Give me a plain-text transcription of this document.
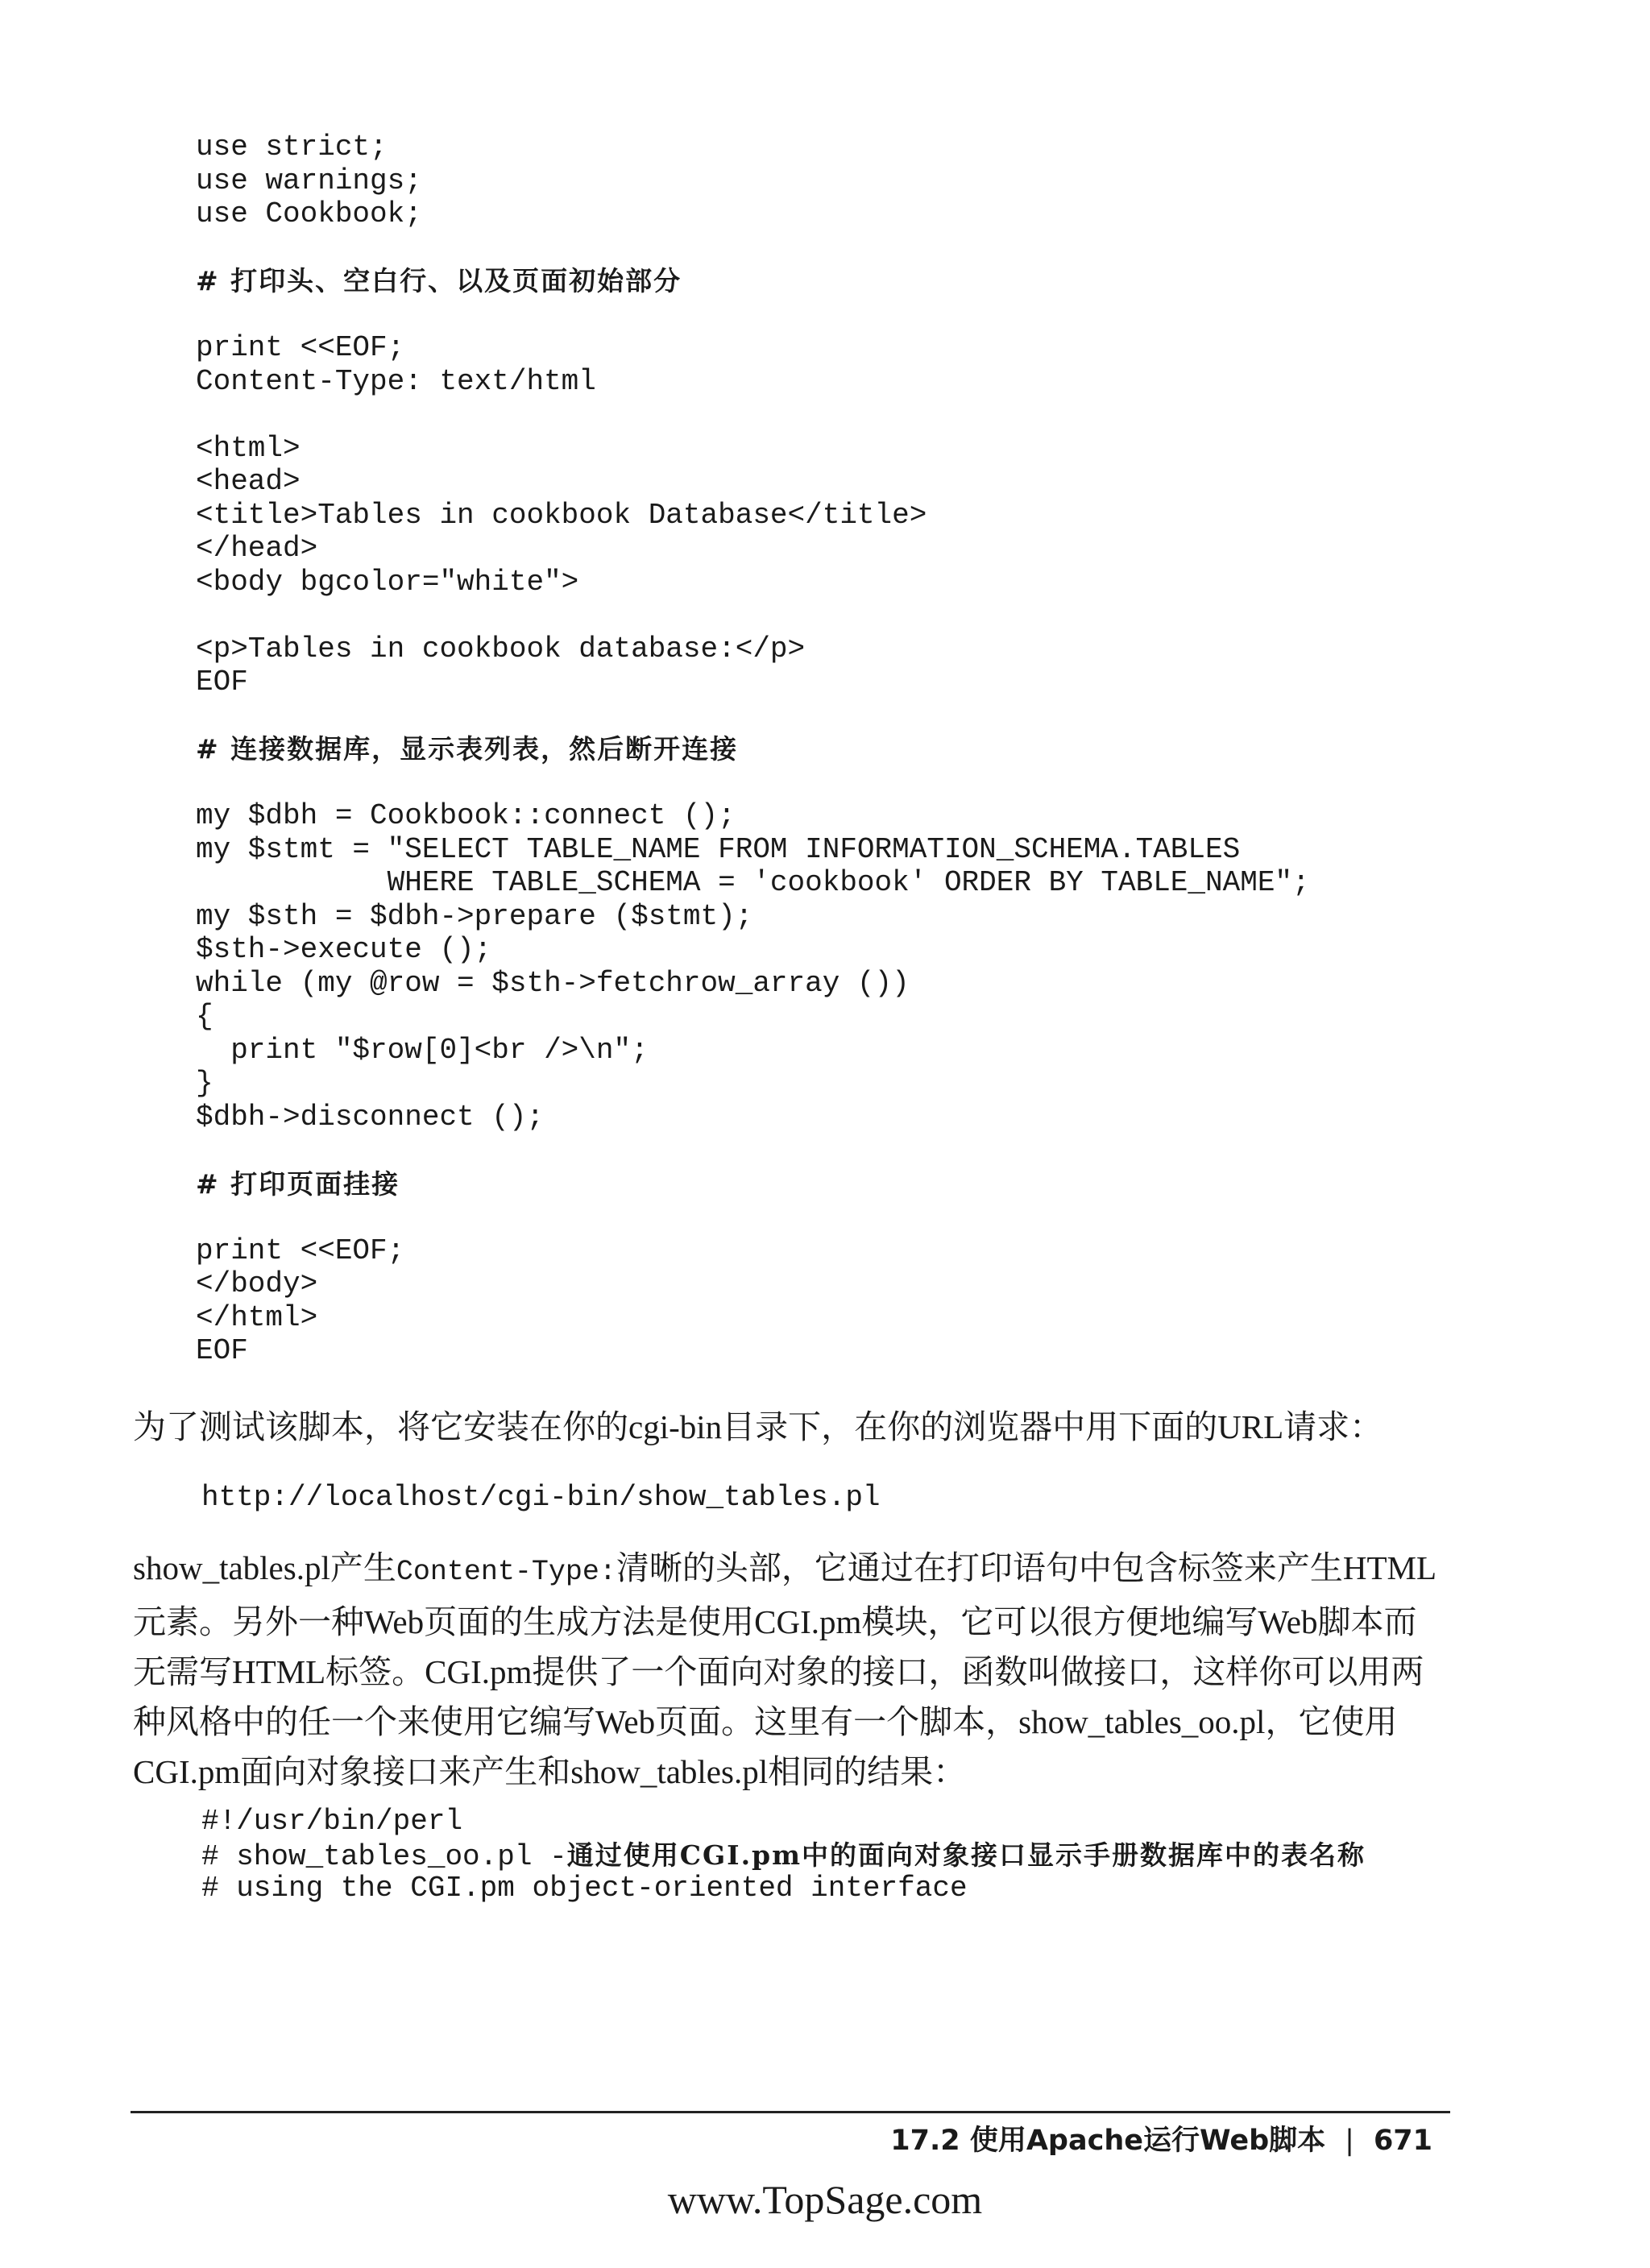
use strict;
use warnings;
use Cookbook;
# 打印头、空白行、以及页面初始部分
print <<EOF;
Content-Type: text/html
<html>
<head>
<title>Tables in cookbook Database</title>
</head>
<body bgcolor="white">
<p>Tables in cookbook database:</p>
EOF
# 连接数据库，显示表列表，然后断开连接
my $dbh = Cookbook::connect ();
my $stmt = "SELECT TABLE_NAME FROM INFORMATION_SCHEMA.TABLES
WHERE TABLE_SCHEMA = 'cookbook' ORDER BY TABLE_NAME";
my $sth = $dbh->prepare ($stmt);
$sth->execute ();
while (my @row = $sth->fetchrow_array ())
{
print "$row[0]<br />\n";
}
$dbh->disconnect ();
# 打印页面挂接
print <<EOF;
</body>
</html>
EOF

为了测试该脚本，将它安装在你的cgi-bin目录下，在你的浏览器中用下面的URL请求：

http://localhost/cgi-bin/show_tables.pl

show_tables.pl产生Content-Type:清晰的头部，它通过在打印语句中包含标签来产生HTML元素。另外一种Web页面的生成方法是使用CGI.pm模块，它可以很方便地编写Web脚本而无需写HTML标签。CGI.pm提供了一个面向对象的接口，函数叫做接口，这样你可以用两种风格中的任一个来使用它编写Web页面。这里有一个脚本，show_tables_oo.pl，它使用CGI.pm面向对象接口来产生和show_tables.pl相同的结果：

#!/usr/bin/perl
# show_tables_oo.pl -通过使用CGI.pm中的面向对象接口显示手册数据库中的表名称
# using the CGI.pm object-oriented interface
17.2 使用Apache运行Web脚本 | 671
www.TopSage.com
